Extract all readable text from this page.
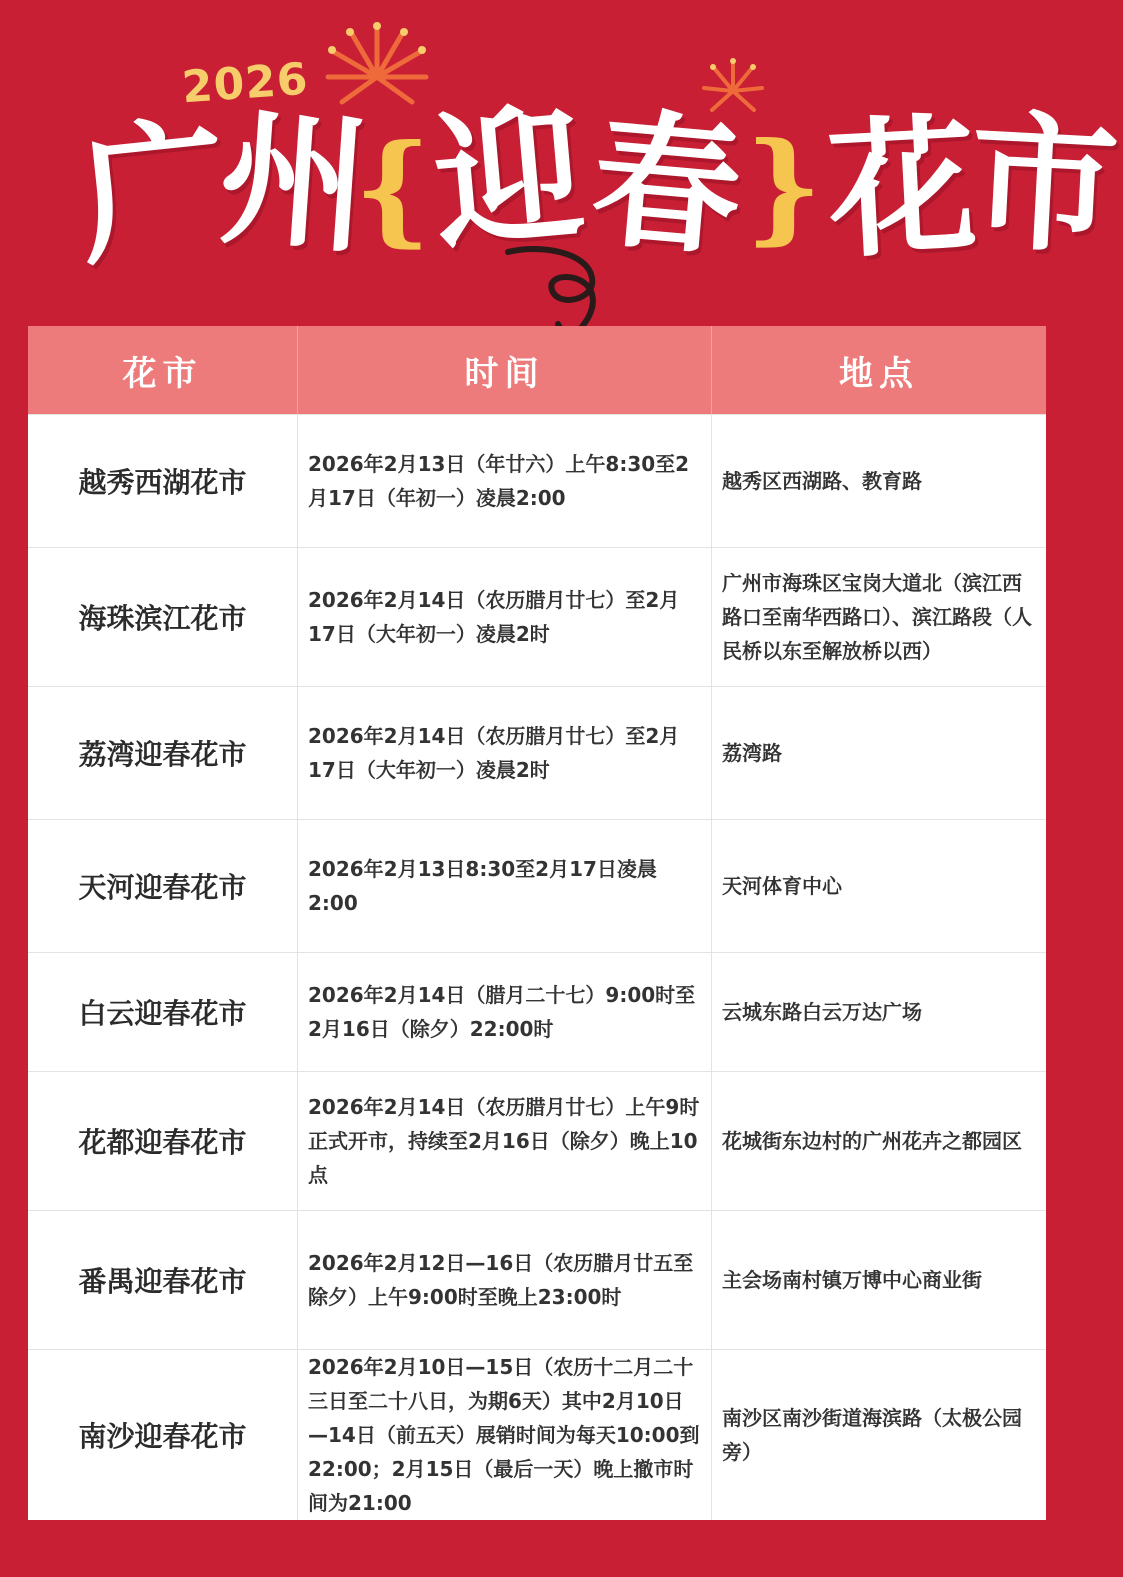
2026
广
州
{
迎
春
} 花
市
花市	时间	地点
越秀西湖花市
2026年2月13日（年廿六）上午8:30至2月17日（年初一）凌晨2:00
越秀区西湖路、教育路
海珠滨江花市
2026年2月14日（农历腊月廿七）至2月17日（大年初一）凌晨2时
广州市海珠区宝岗大道北（滨江西路口至南华西路口）、滨江路段（人民桥以东至解放桥以西）
荔湾迎春花市
2026年2月14日（农历腊月廿七）至2月17日（大年初一）凌晨2时
荔湾路
天河迎春花市
2026年2月13日8:30至2月17日凌晨2:00
天河体育中心
白云迎春花市
2026年2月14日（腊月二十七）9:00时至2月16日（除夕）22:00时
云城东路白云万达广场
花都迎春花市
2026年2月14日（农历腊月廿七）上午9时正式开市，持续至2月16日（除夕）晚上10点
花城街东边村的广州花卉之都园区
番禺迎春花市
2026年2月12日—16日（农历腊月廿五至除夕）上午9:00时至晚上23:00时
主会场南村镇万博中心商业街
南沙迎春花市
2026年2月10日—15日（农历十二月二十三日至二十八日，为期6天）其中2月10日—14日（前五天）展销时间为每天10:00到22:00；2月15日（最后一天）晚上撤市时间为21:00
南沙区南沙街道海滨路（太极公园旁）
